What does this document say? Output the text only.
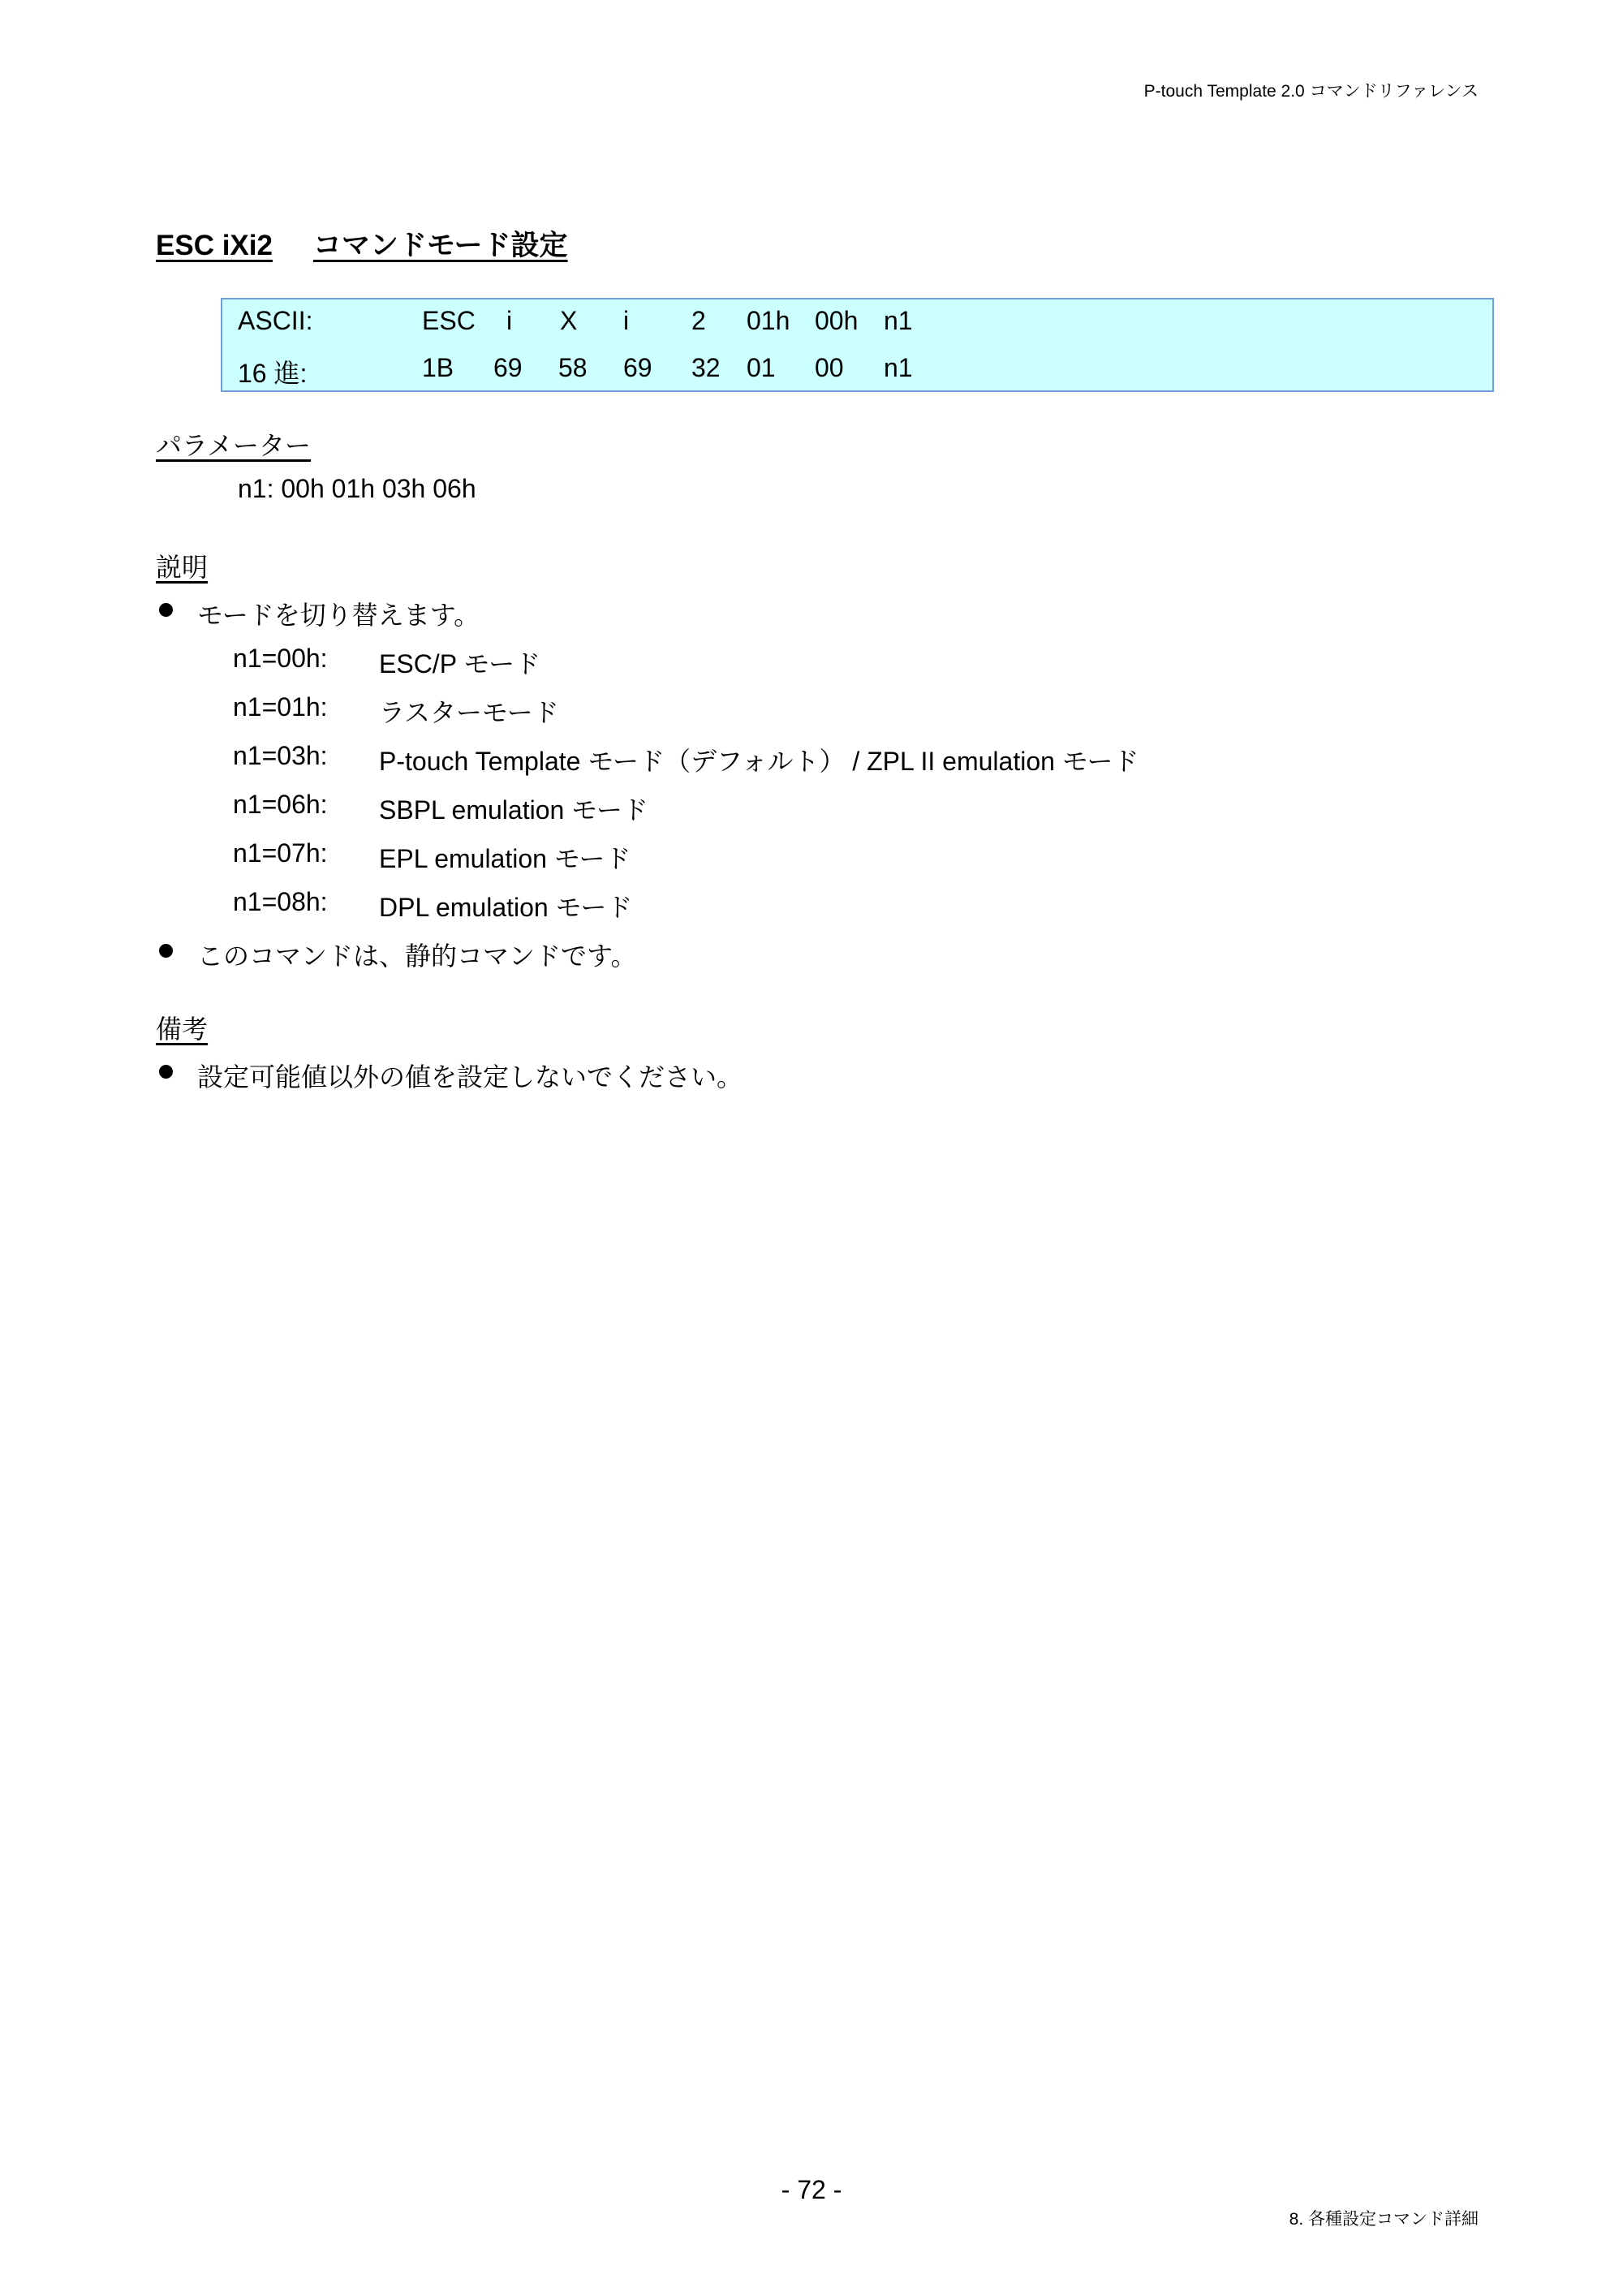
P-touch Template 2.0 コマンドリファレンス
ESC iXi2 コマンドモード設定
ASCII:	ESC i X i 2 01h 00h n1
16 進:	1B 69 58 69 32 01 00 n1
パラメーター
n1: 00h 01h 03h 06h
説明
モードを切り替えます。
n1=00h: ESC/P モード
n1=01h: ラスターモード
n1=03h: P-touch Template モード（デフォルト） / ZPL II emulation モード
n1=06h: SBPL emulation モード
n1=07h: EPL emulation モード
n1=08h: DPL emulation モード
このコマンドは、静的コマンドです。
備考
設定可能値以外の値を設定しないでください。
- 72 -
8. 各種設定コマンド詳細
